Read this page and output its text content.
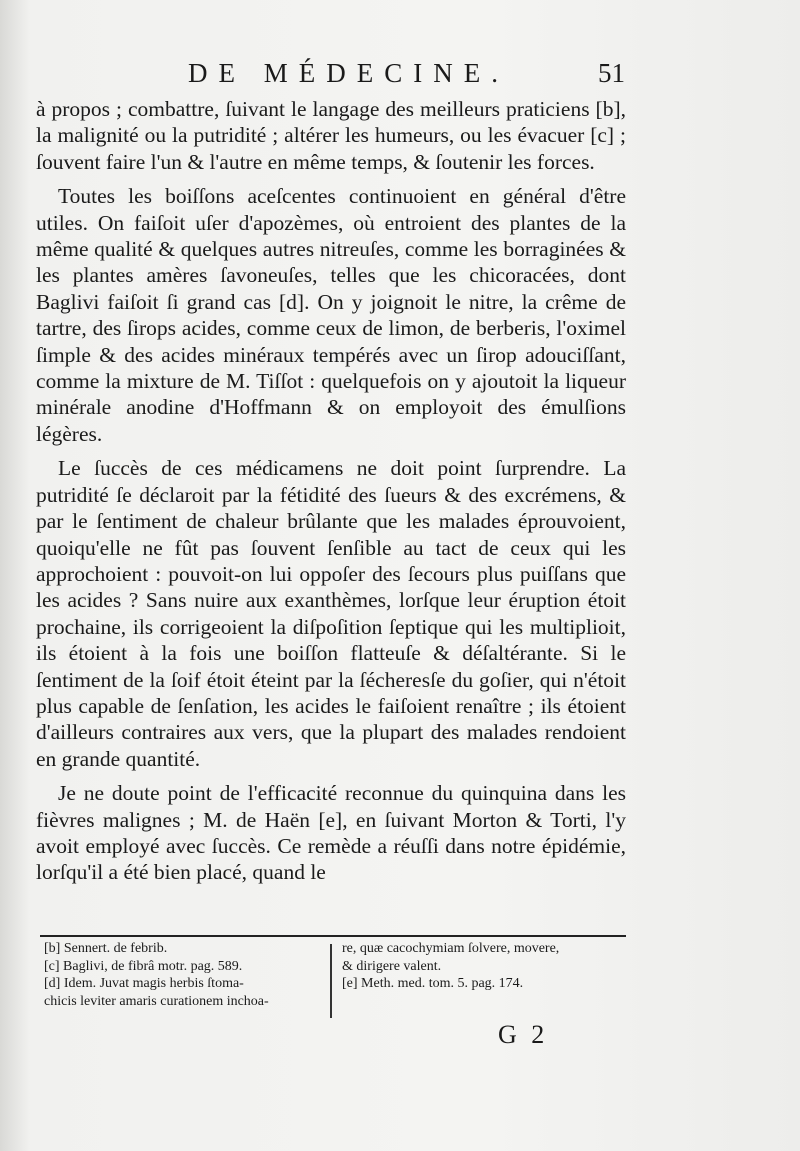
DE MÉDECINE.	51

à propos ; combattre, ſuivant le langage des meilleurs praticiens [b], la malignité ou la putridité ; altérer les humeurs, ou les évacuer [c] ; ſouvent faire l'un & l'autre en même temps, & ſoutenir les forces.

Toutes les boiſſons aceſcentes continuoient en général d'être utiles. On faiſoit uſer d'apozèmes, où entroient des plantes de la même qualité & quelques autres nitreuſes, comme les borraginées & les plantes amères ſavoneuſes, telles que les chicoracées, dont Baglivi faiſoit ſi grand cas [d]. On y joignoit le nitre, la crême de tartre, des ſirops acides, comme ceux de limon, de berberis, l'oximel ſimple & des acides minéraux tempérés avec un ſirop adouciſſant, comme la mixture de M. Tiſſot : quelquefois on y ajoutoit la liqueur minérale anodine d'Hoffmann & on employoit des émulſions légères.

Le ſuccès de ces médicamens ne doit point ſurprendre. La putridité ſe déclaroit par la fétidité des ſueurs & des excrémens, & par le ſentiment de chaleur brûlante que les malades éprouvoient, quoiqu'elle ne fût pas ſouvent ſenſible au tact de ceux qui les approchoient : pouvoit-on lui oppoſer des ſecours plus puiſſans que les acides ? Sans nuire aux exanthèmes, lorſque leur éruption étoit prochaine, ils corrigeoient la diſpoſition ſeptique qui les multiplioit, ils étoient à la fois une boiſſon flatteuſe & déſaltérante. Si le ſentiment de la ſoif étoit éteint par la ſécheresſe du goſier, qui n'étoit plus capable de ſenſation, les acides le faiſoient renaître ; ils étoient d'ailleurs contraires aux vers, que la plupart des malades rendoient en grande quantité.

Je ne doute point de l'efficacité reconnue du quinquina dans les fièvres malignes ; M. de Haën [e], en ſuivant Morton & Torti, l'y avoit employé avec ſuccès. Ce remède a réuſſi dans notre épidémie, lorſqu'il a été bien placé, quand le

[b] Sennert. de febrib.
[c] Baglivi, de fibrâ motr. pag. 589.
[d] Idem. Juvat magis herbis ſtoma-
chicis leviter amaris curationem inchoa-
re, quæ cacochymiam ſolvere, movere,
& dirigere valent.
[e] Meth. med. tom. 5. pag. 174.
G 2
